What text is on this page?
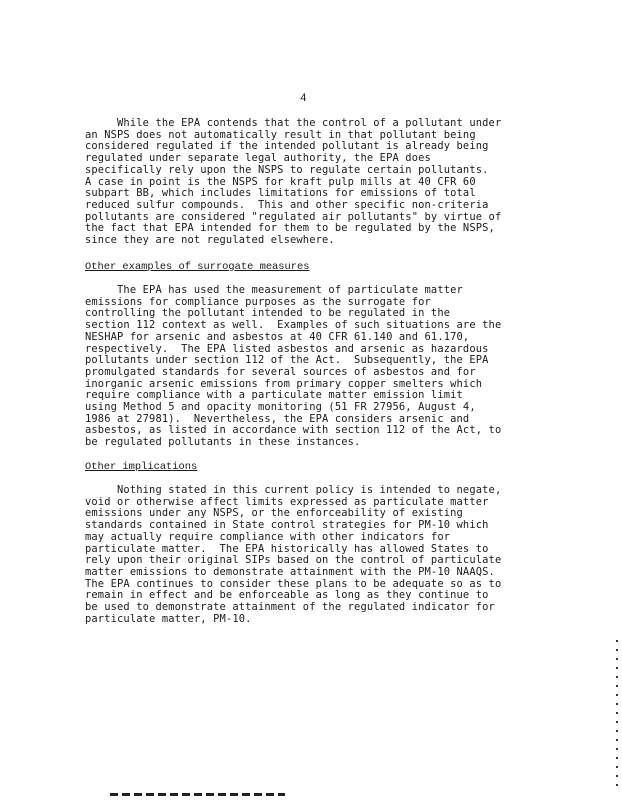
4
While the EPA contends that the control of a pollutant under
an NSPS does not automatically result in that pollutant being
considered regulated if the intended pollutant is already being
regulated under separate legal authority, the EPA does
specifically rely upon the NSPS to regulate certain pollutants.
A case in point is the NSPS for kraft pulp mills at 40 CFR 60
subpart BB, which includes limitations for emissions of total
reduced sulfur compounds.  This and other specific non-criteria
pollutants are considered "regulated air pollutants" by virtue of
the fact that EPA intended for them to be regulated by the NSPS,
since they are not regulated elsewhere.
Other examples of surrogate measures
The EPA has used the measurement of particulate matter
emissions for compliance purposes as the surrogate for
controlling the pollutant intended to be regulated in the
section 112 context as well.  Examples of such situations are the
NESHAP for arsenic and asbestos at 40 CFR 61.140 and 61.170,
respectively.  The EPA listed asbestos and arsenic as hazardous
pollutants under section 112 of the Act.  Subsequently, the EPA
promulgated standards for several sources of asbestos and for
inorganic arsenic emissions from primary copper smelters which
require compliance with a particulate matter emission limit
using Method 5 and opacity monitoring (51 FR 27956, August 4,
1986 at 27981).  Nevertheless, the EPA considers arsenic and
asbestos, as listed in accordance with section 112 of the Act, to
be regulated pollutants in these instances.
Other implications
Nothing stated in this current policy is intended to negate,
void or otherwise affect limits expressed as particulate matter
emissions under any NSPS, or the enforceability of existing
standards contained in State control strategies for PM-10 which
may actually require compliance with other indicators for
particulate matter.  The EPA historically has allowed States to
rely upon their original SIPs based on the control of particulate
matter emissions to demonstrate attainment with the PM-10 NAAQS.
The EPA continues to consider these plans to be adequate so as to
remain in effect and be enforceable as long as they continue to
be used to demonstrate attainment of the regulated indicator for
particulate matter, PM-10.
